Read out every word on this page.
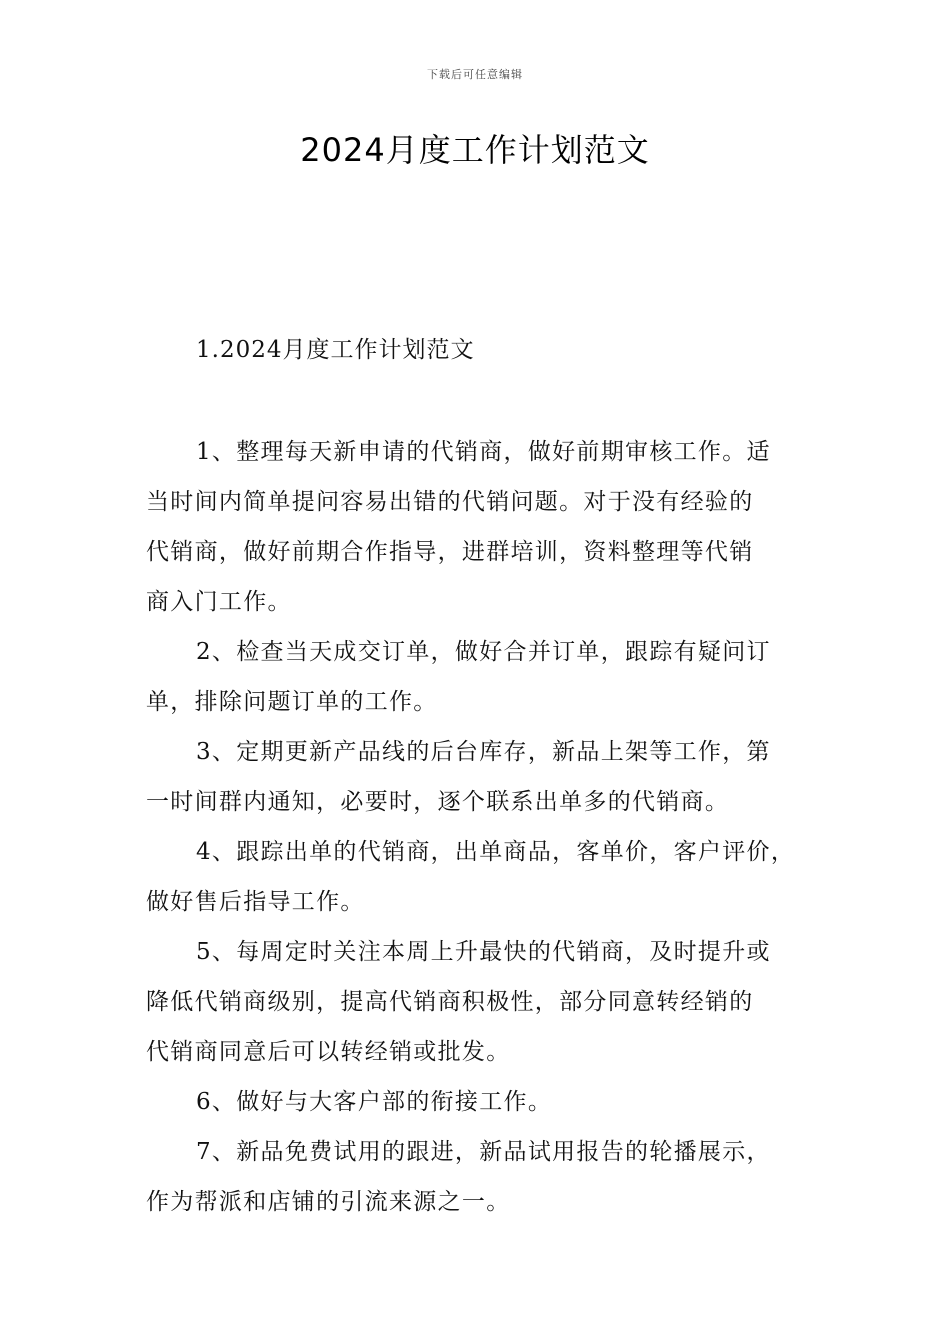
下载后可任意编辑
2024月度工作计划范文
1.2024月度工作计划范文

1、整理每天新申请的代销商，做好前期审核工作。适
当时间内简单提问容易出错的代销问题。对于没有经验的
代销商，做好前期合作指导，进群培训，资料整理等代销
商入门工作。

2、检查当天成交订单，做好合并订单，跟踪有疑问订
单，排除问题订单的工作。

3、定期更新产品线的后台库存，新品上架等工作，第
一时间群内通知，必要时，逐个联系出单多的代销商。

4、跟踪出单的代销商，出单商品，客单价，客户评价，
做好售后指导工作。

5、每周定时关注本周上升最快的代销商，及时提升或
降低代销商级别，提高代销商积极性，部分同意转经销的
代销商同意后可以转经销或批发。

6、做好与大客户部的衔接工作。

7、新品免费试用的跟进，新品试用报告的轮播展示，
作为帮派和店铺的引流来源之一。
